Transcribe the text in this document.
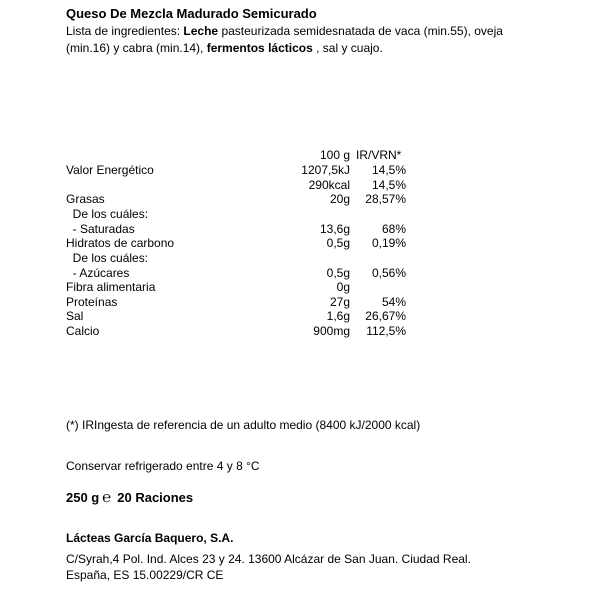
Queso De Mezcla Madurado Semicurado
Lista de ingredientes: Leche pasteurizada semidesnatada de vaca (min.55), oveja (min.16) y cabra (min.14), fermentos lácticos , sal y cuajo.
100 g IR/VRN*
Valor Energético	1207,5kJ	14,5%
290kcal	14,5%
Grasas	20g	28,57%
De los cuáles:
- Saturadas	13,6g	68%
Hidratos de carbono	0,5g	0,19%
De los cuáles:
- Azúcares	0,5g	0,56%
Fibra alimentaria	0g
Proteínas	27g	54%
Sal	1,6g	26,67%
Calcio	900mg	112,5%
(*) IRIngesta de referencia de un adulto medio (8400 kJ/2000 kcal)
Conservar refrigerado entre 4 y 8 °C
250 g ℮ 20 Raciones
Lácteas García Baquero, S.A.
C/Syrah,4 Pol. Ind. Alces 23 y 24. 13600 Alcázar de San Juan. Ciudad Real.
España, ES 15.00229/CR CE
